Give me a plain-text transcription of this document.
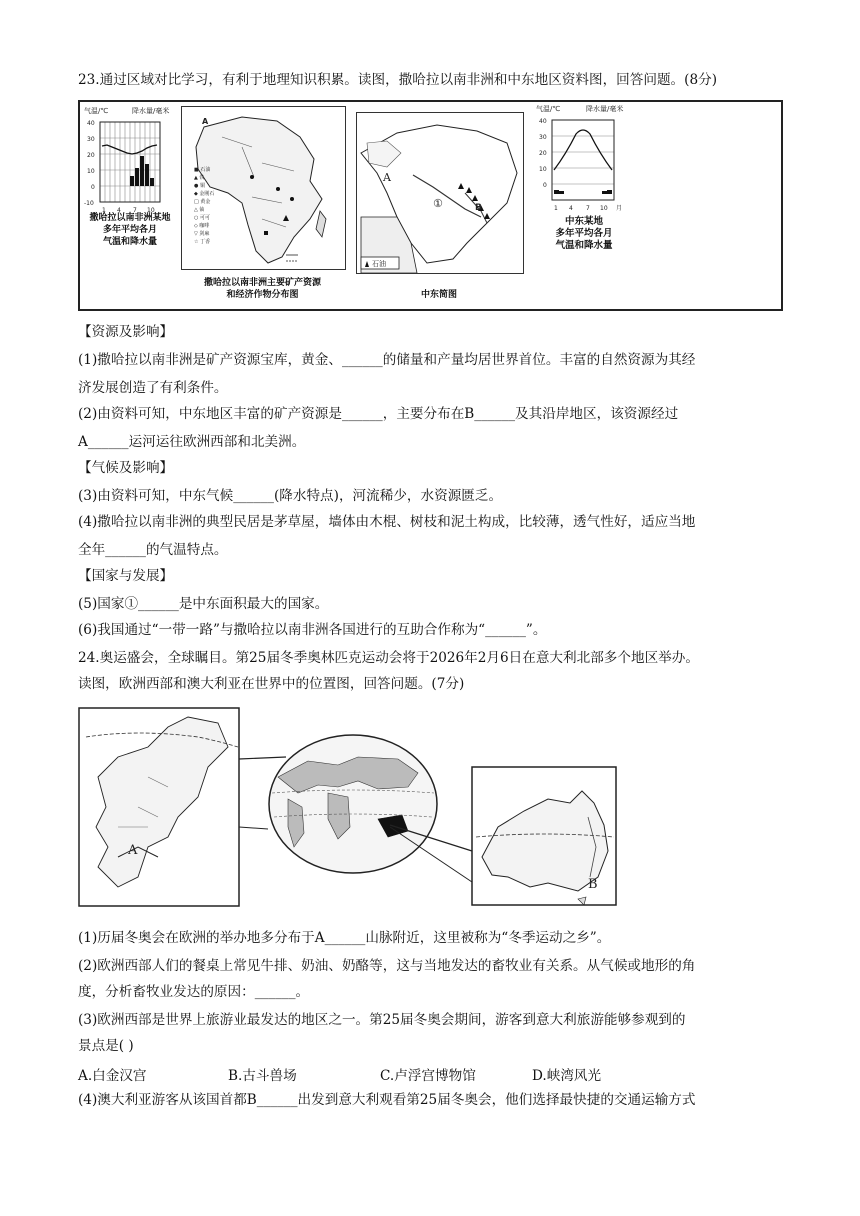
23.通过区域对比学习，有利于地理知识积累。读图，撒哈拉以南非洲和中东地区资料图，回答问题。(8分)
气温/℃	降水量/毫米
40
30
20
10
0
-10
1 4 7 10
撒哈拉以南非洲某地
多年平均各月
气温和降水量
■ 石油
▲ 铁
● 铜
◆ 金刚石
□ 黄金
△ 铀
○ 可可
◇ 咖啡
▽ 剑麻
☆ 丁香
A
撒哈拉以南非洲主要矿产资源
和经济作物分布图
石油
A
B
①
中东简图
气温/℃	降水量/毫米
40
30
20
10
0
1 4 7 10 月
中东某地
多年平均各月
气温和降水量
【资源及影响】
(1)撒哈拉以南非洲是矿产资源宝库，黄金、______的储量和产量均居世界首位。丰富的自然资源为其经
济发展创造了有利条件。
(2)由资料可知，中东地区丰富的矿产资源是______，主要分布在B______及其沿岸地区，该资源经过
A______运河运往欧洲西部和北美洲。
【气候及影响】
(3)由资料可知，中东气候______(降水特点)，河流稀少，水资源匮乏。
(4)撒哈拉以南非洲的典型民居是茅草屋，墙体由木棍、树枝和泥土构成，比较薄，透气性好，适应当地
全年______的气温特点。
【国家与发展】
(5)国家①______是中东面积最大的国家。
(6)我国通过“一带一路”与撒哈拉以南非洲各国进行的互助合作称为“______”。
24.奥运盛会，全球瞩目。第25届冬季奥林匹克运动会将于2026年2月6日在意大利北部多个地区举办。
读图，欧洲西部和澳大利亚在世界中的位置图，回答问题。(7分)
A
B
(1)历届冬奥会在欧洲的举办地多分布于A______山脉附近，这里被称为“冬季运动之乡”。
(2)欧洲西部人们的餐桌上常见牛排、奶油、奶酪等，这与当地发达的畜牧业有关系。从气候或地形的角
度，分析畜牧业发达的原因：______。
(3)欧洲西部是世界上旅游业最发达的地区之一。第25届冬奥会期间，游客到意大利旅游能够参观到的
景点是( )
A.白金汉宫	B.古斗兽场	C.卢浮宫博物馆	D.峡湾风光
(4)澳大利亚游客从该国首都B______出发到意大利观看第25届冬奥会，他们选择最快捷的交通运输方式
